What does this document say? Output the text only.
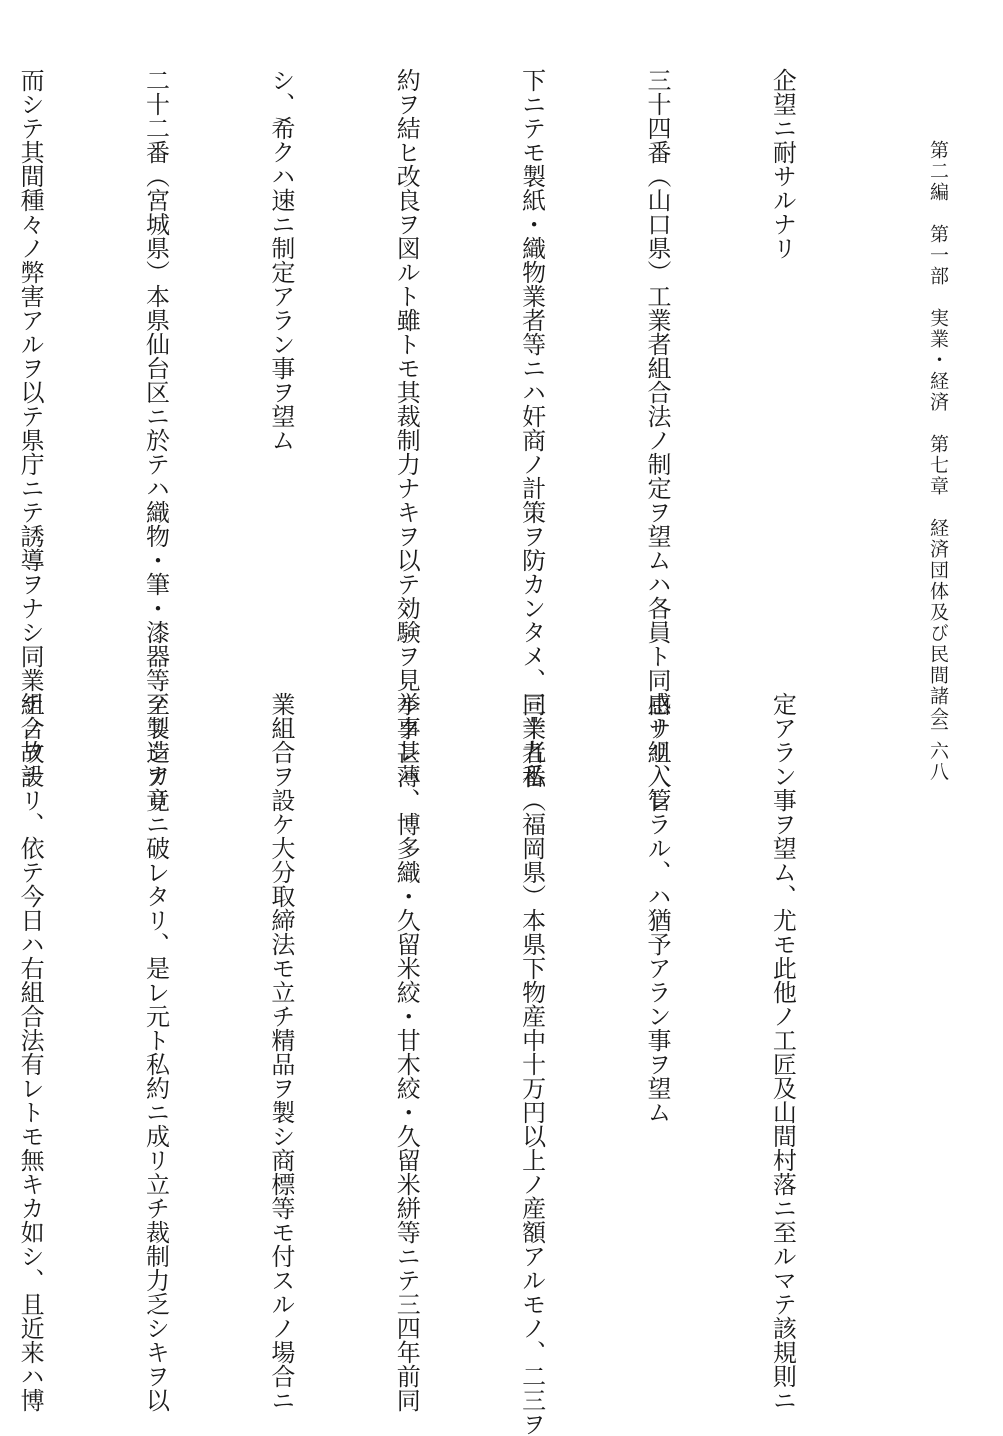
第二編　第一部　実業・経済　第七章　経済団体及び民間諸会
一六八

企望ニ耐サルナリ

三十四番（山口県）工業者組合法ノ制定ヲ望ムハ各員ト同感ナリ、管

下ニテモ製紙・織物業者等ニハ奸商ノ計策ヲ防カンタメ、同業者私

約ヲ結ヒ改良ヲ図ルト雖トモ其裁制力ナキヲ以テ効験ヲ見ル事甚薄

シ、希クハ速ニ制定アラン事ヲ望ム

二十二番（宮城県）本県仙台区ニ於テハ織物・筆・漆器等ノ製造アリ

而シテ其間種々ノ弊害アルヲ以テ県庁ニテ誘導ヲナシ同業組合ヲ設

定アラン事ヲ望ム、尤モ此他ノ工匠及山間村落ニ至ルマテ該規則ニ

由リ組入レラル、ハ猶予アラン事ヲ望ム

三十九番（福岡県）本県下物産中十万円以上ノ産額アルモノ、二三ヲ

挙クレハ、博多織・久留米絞・甘木絞・久留米絣等ニテ三四年前同

業組合ヲ設ケ大分取締法モ立チ精品ヲ製シ商標等モ付スルノ場合ニ

至リシカ竟ニ破レタリ、是レ元ト私約ニ成リ立チ裁制力乏シキヲ以

テノ故ナリ、依テ今日ハ右組合法有レトモ無キカ如シ、且近来ハ博
